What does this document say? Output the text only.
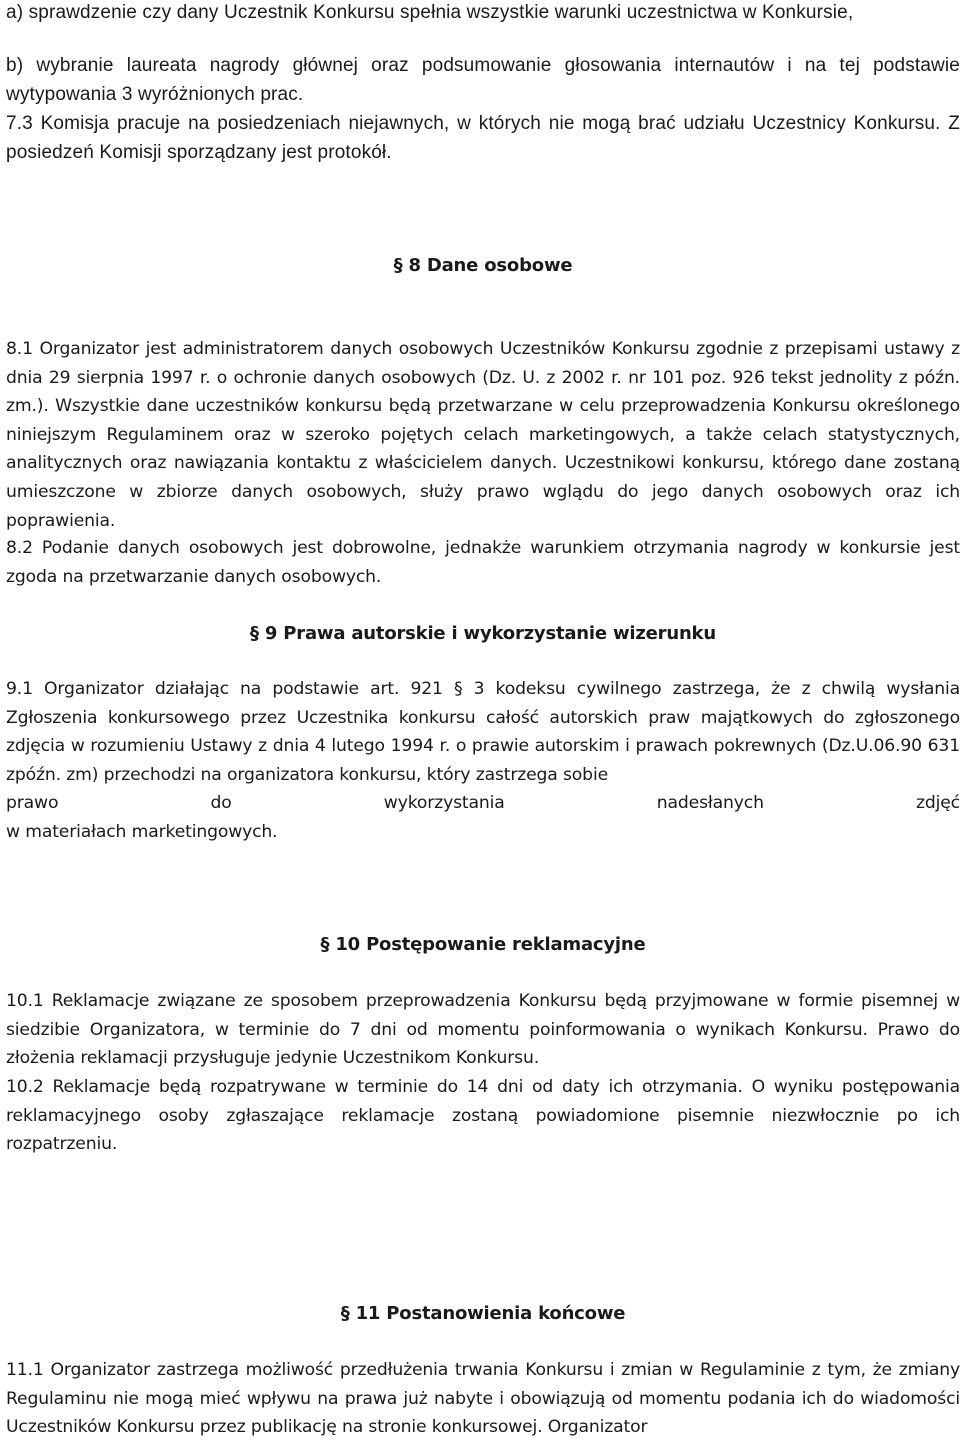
a) sprawdzenie czy dany Uczestnik Konkursu spełnia wszystkie warunki uczestnictwa w Konkursie,

b) wybranie laureata nagrody głównej oraz podsumowanie głosowania internautów i na tej podstawie wytypowania 3 wyróżnionych prac.

7.3 Komisja pracuje na posiedzeniach niejawnych, w których nie mogą brać udziału Uczestnicy Konkursu. Z posiedzeń Komisji sporządzany jest protokół.

§ 8 Dane osobowe

8.1 Organizator jest administratorem danych osobowych Uczestników Konkursu zgodnie z przepisami ustawy z dnia 29 sierpnia 1997 r. o ochronie danych osobowych (Dz. U. z 2002 r. nr 101 poz. 926 tekst jednolity z późn. zm.). Wszystkie dane uczestników konkursu będą przetwarzane w celu przeprowadzenia Konkursu określonego niniejszym Regulaminem oraz w szeroko pojętych celach marketingowych, a także celach statystycznych, analitycznych oraz nawiązania kontaktu z właścicielem danych. Uczestnikowi konkursu, którego dane zostaną umieszczone w zbiorze danych osobowych, służy prawo wglądu do jego danych osobowych oraz ich poprawienia.

8.2 Podanie danych osobowych jest dobrowolne, jednakże warunkiem otrzymania nagrody w konkursie jest zgoda na przetwarzanie danych osobowych.

§ 9 Prawa autorskie i wykorzystanie wizerunku

9.1 Organizator działając na podstawie art. 921 § 3 kodeksu cywilnego zastrzega, że z chwilą wysłania Zgłoszenia konkursowego przez Uczestnika konkursu całość autorskich praw majątkowych do zgłoszonego zdjęcia w rozumieniu Ustawy z dnia 4 lutego 1994 r. o prawie autorskim i prawach pokrewnych (Dz.U.06.90 631 zpóźn. zm) przechodzi na organizatora konkursu, który zastrzega sobie

prawo	do	wykorzystania	nadesłanych	zdjęć
w materiałach marketingowych.
§ 10 Postępowanie reklamacyjne

10.1 Reklamacje związane ze sposobem przeprowadzenia Konkursu będą przyjmowane w formie pisemnej w siedzibie Organizatora, w terminie do 7 dni od momentu poinformowania o wynikach Konkursu. Prawo do złożenia reklamacji przysługuje jedynie Uczestnikom Konkursu.

10.2 Reklamacje będą rozpatrywane w terminie do 14 dni od daty ich otrzymania. O wyniku postępowania reklamacyjnego osoby zgłaszające reklamacje zostaną powiadomione pisemnie niezwłocznie po ich rozpatrzeniu.

§ 11 Postanowienia końcowe

11.1 Organizator zastrzega możliwość przedłużenia trwania Konkursu i zmian w Regulaminie z tym, że zmiany Regulaminu nie mogą mieć wpływu na prawa już nabyte i obowiązują od momentu podania ich do wiadomości Uczestników Konkursu przez publikację na stronie konkursowej. Organizator
